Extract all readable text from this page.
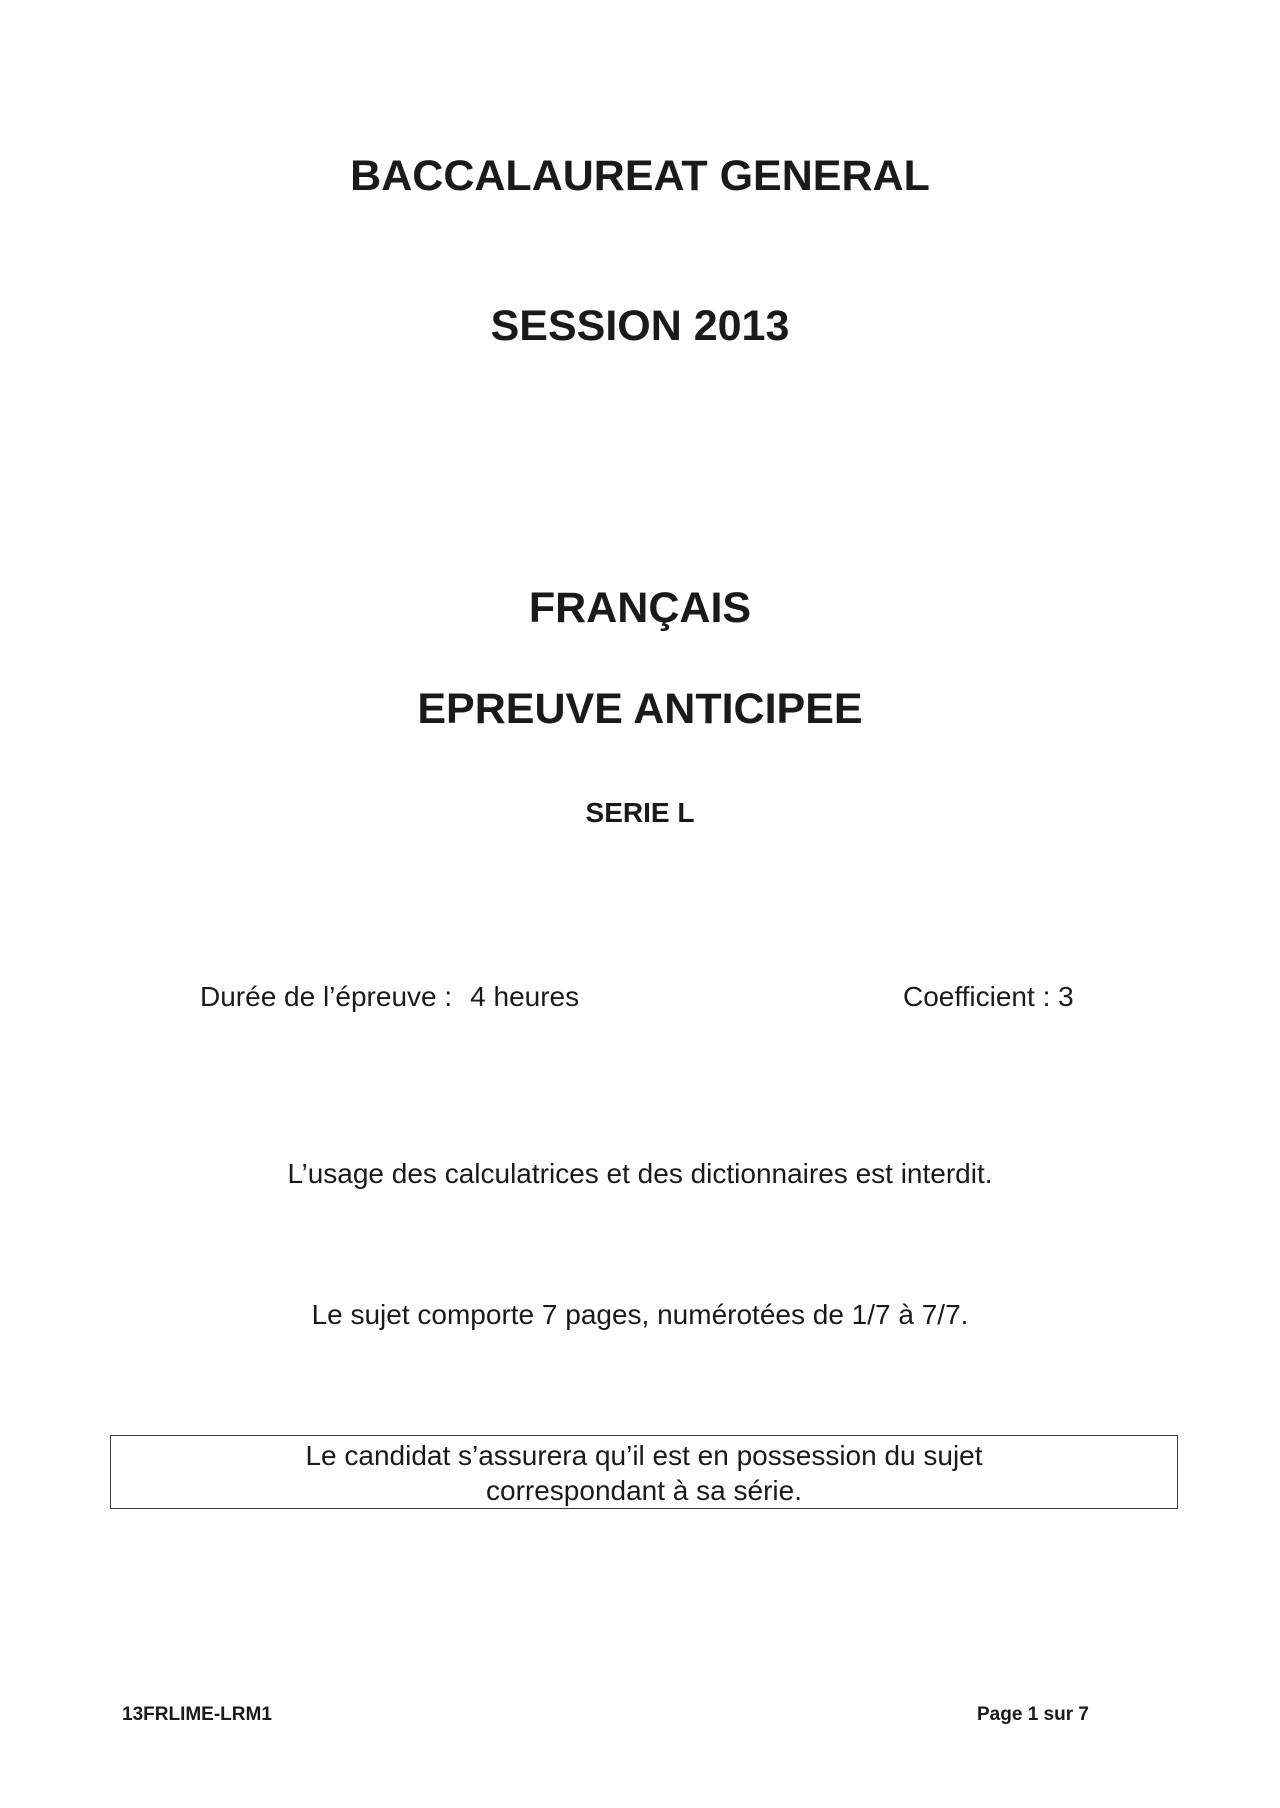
BACCALAUREAT GENERAL
SESSION 2013
FRANÇAIS
EPREUVE ANTICIPEE
SERIE L
Durée de l’épreuve : 4 heures	Coefficient : 3
L’usage des calculatrices et des dictionnaires est interdit.
Le sujet comporte 7 pages, numérotées de 1/7 à 7/7.
Le candidat s’assurera qu’il est en possession du sujet
correspondant à sa série.
13FRLIME-LRM1	Page 1 sur 7
